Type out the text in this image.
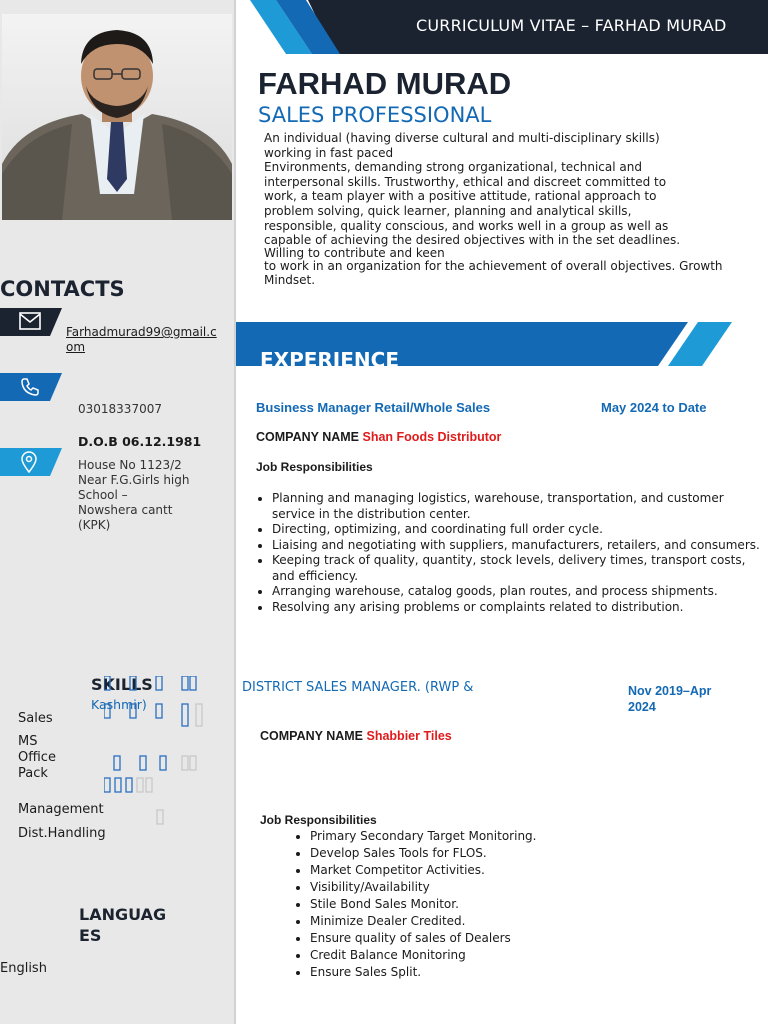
CONTACTS
Farhadmurad99@gmail.c
om
03018337007
D.O.B 06.12.1981
House No 1123/2
Near F.G.Girls high
School –
Nowshera cantt
(KPK)
SKILLS
Kashmir)
Sales
MS
Office
Pack
Management
Dist.Handling
LANGUAG
ES
English
CURRICULUM VITAE – FARHAD MURAD
FARHAD MURAD
SALES PROFESSIONAL
An individual (having diverse cultural and multi-disciplinary skills)
working in fast paced
Environments, demanding strong organizational, technical and
interpersonal skills. Trustworthy, ethical and discreet committed to
work, a team player with a positive attitude, rational approach to
problem solving, quick learner, planning and analytical skills,
responsible, quality conscious, and works well in a group as well as
capable of achieving the desired objectives with in the set deadlines.
Willing to contribute and keen
to work in an organization for the achievement of overall objectives. Growth
Mindset.
EXPERIENCE
Business Manager Retail/Whole Sales	May 2024 to Date
COMPANY NAME Shan Foods Distributor
Job Responsibilities
• Planning and managing logistics, warehouse, transportation, and customer service in the distribution center.
• Directing, optimizing, and coordinating full order cycle.
• Liaising and negotiating with suppliers, manufacturers, retailers, and consumers.
• Keeping track of quality, quantity, stock levels, delivery times, transport costs, and efficiency.
• Arranging warehouse, catalog goods, plan routes, and process shipments.
• Resolving any arising problems or complaints related to distribution.
DISTRICT SALES MANAGER. (RWP &	Nov 2019–Apr
2024
COMPANY NAME Shabbier Tiles
Job Responsibilities
• Primary Secondary Target Monitoring.
• Develop Sales Tools for FLOS.
• Market Competitor Activities.
• Visibility/Availability
• Stile Bond Sales Monitor.
• Minimize Dealer Credited.
• Ensure quality of sales of Dealers
• Credit Balance Monitoring
• Ensure Sales Split.
